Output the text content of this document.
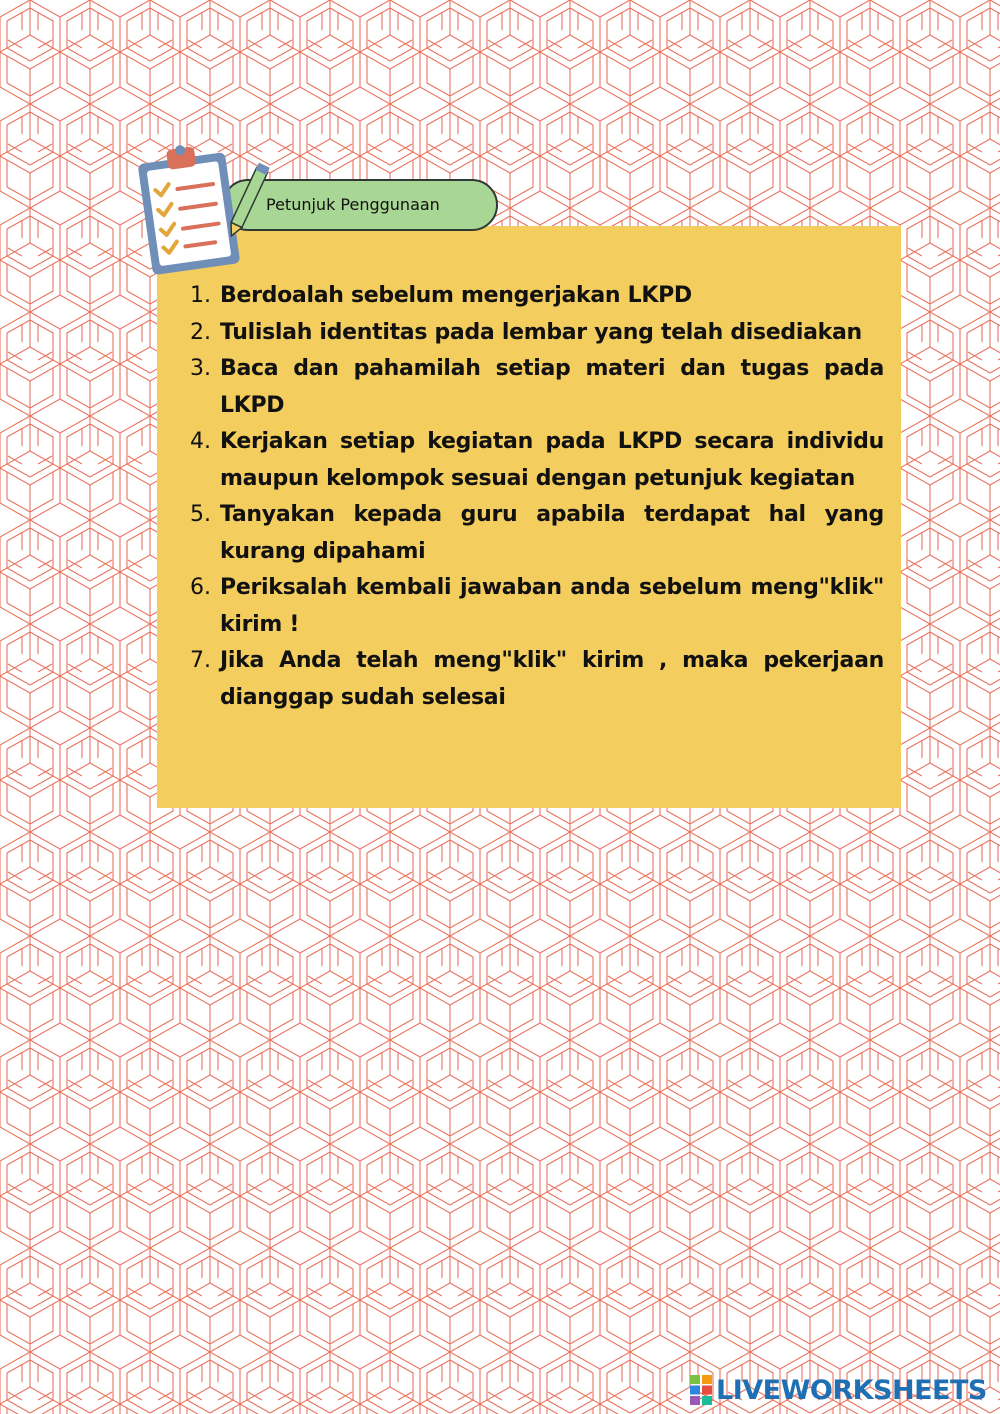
Petunjuk Penggunaan
1. Berdoalah sebelum mengerjakan LKPD
2. Tulislah identitas pada lembar yang telah disediakan
3. Baca dan pahamilah setiap materi dan tugas pada LKPD
4. Kerjakan setiap kegiatan pada LKPD secara individu maupun kelompok sesuai dengan petunjuk kegiatan
5. Tanyakan kepada guru apabila terdapat hal yang kurang dipahami
6. Periksalah kembali jawaban anda sebelum meng"klik" kirim !
7. Jika Anda telah meng"klik" kirim , maka pekerjaan dianggap sudah selesai
LIVEWORKSHEETS
